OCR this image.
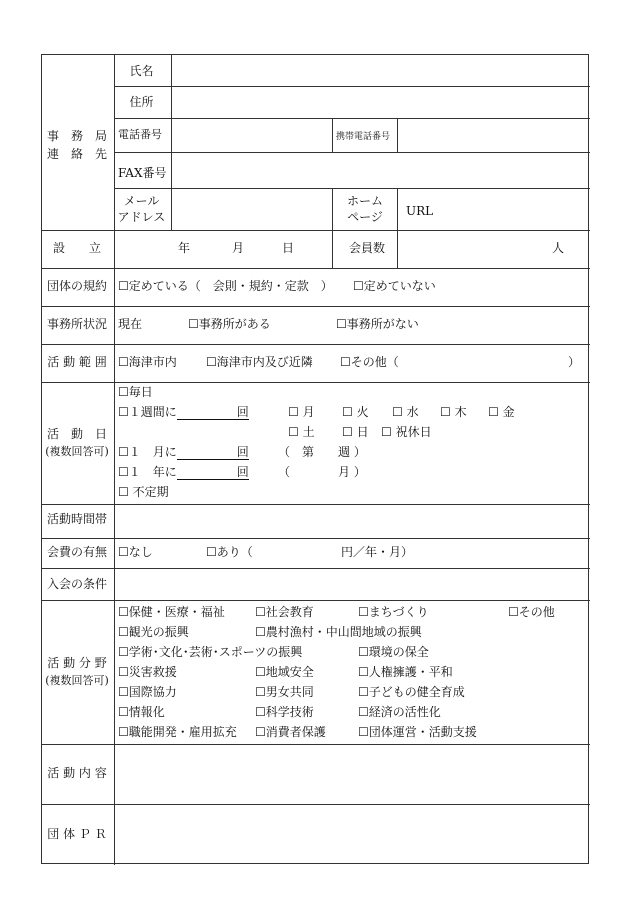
事　務　局
連　絡　先
氏名
住所
電話番号	携帯電話番号
FAX番号
メール
アドレス
ホーム
ページ	URL
設　　立	年	月	日	会員数	人
団体の規約 ☐定めている（　会則・規約・定款　） ☐定めていない
事務所状況 現在	☐事務所がある	☐事務所がない
活 動 範 囲 ☐海津市内 ☐海津市内及び近隣 ☐その他（	）
活　動　日
(複数回答可)
☐毎日
☐１週間に	回	☐ 月 ☐ 火 ☐ 水 ☐ 木 ☐ 金
☐ 土 ☐ 日 ☐ 祝休日
☐１　月に	回 （　第　　週 ）
☐１　年に	回 （　　　　月 ）
☐ 不定期
活動時間帯
会費の有無 ☐なし	☐あり（	円／年・月）
入会の条件
活 動 分 野
(複数回答可)
☐保健・医療・福祉	☐社会教育	☐まちづくり	☐その他
☐観光の振興	☐農村漁村・中山間地域の振興
☐学術･文化･芸術･スポーツの振興	☐環境の保全
☐災害救援	☐地域安全	☐人権擁護・平和
☐国際協力	☐男女共同	☐子どもの健全育成
☐情報化	☐科学技術	☐経済の活性化
☐職能開発・雇用拡充 ☐消費者保護	☐団体運営・活動支援
活 動 内 容
団 体 Ｐ Ｒ
